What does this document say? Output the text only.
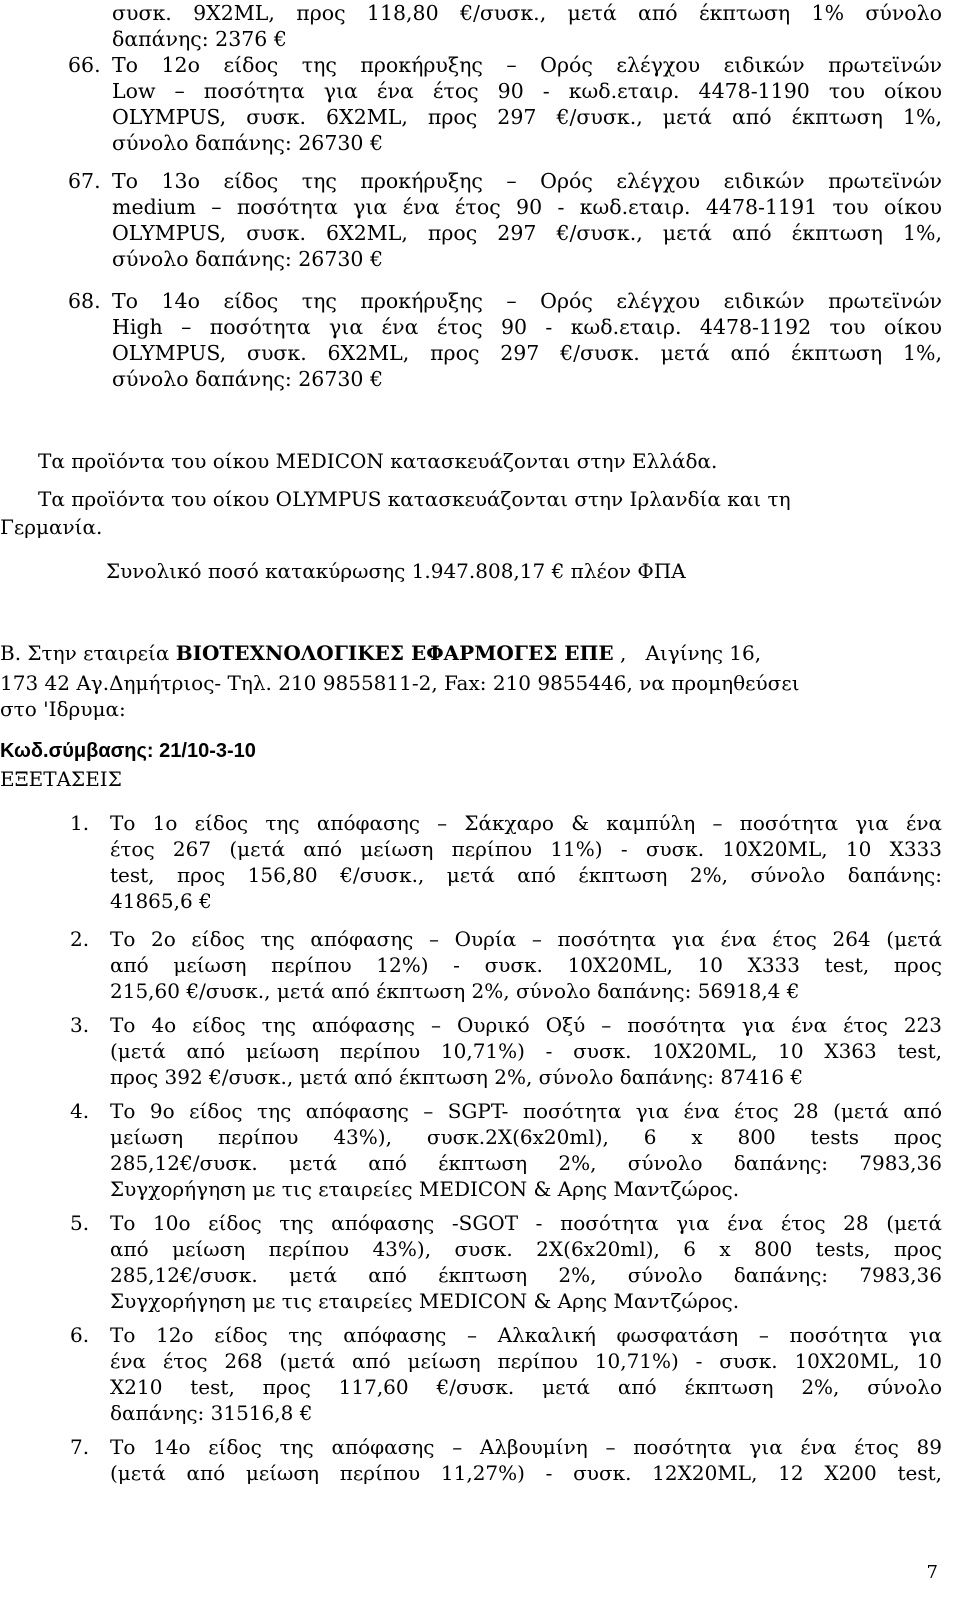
συσκ. 9Χ2ML, προς 118,80 €/συσκ., μετά από έκπτωση 1% σύνολο
δαπάνης: 2376 €
66. Το 12ο είδος της προκήρυξης – Ορός ελέγχου ειδικών πρωτεϊνών
Low – ποσότητα για ένα έτος 90 - κωδ.εταιρ. 4478-1190 του οίκου
OLYMPUS, συσκ. 6Χ2ML, προς 297 €/συσκ., μετά από έκπτωση 1%,
σύνολο δαπάνης: 26730 €
67. Το 13ο είδος της προκήρυξης – Ορός ελέγχου ειδικών πρωτεϊνών
medium – ποσότητα για ένα έτος 90 - κωδ.εταιρ. 4478-1191 του οίκου
OLYMPUS, συσκ. 6Χ2ML, προς 297 €/συσκ., μετά από έκπτωση 1%,
σύνολο δαπάνης: 26730 €
68. Το 14ο είδος της προκήρυξης – Ορός ελέγχου ειδικών πρωτεϊνών
High – ποσότητα για ένα έτος 90 - κωδ.εταιρ. 4478-1192 του οίκου
OLYMPUS, συσκ. 6Χ2ML, προς 297 €/συσκ. μετά από έκπτωση 1%,
σύνολο δαπάνης: 26730 €
Τα προϊόντα του οίκου MEDICON κατασκευάζονται στην Ελλάδα.
Τα προϊόντα του οίκου OLYMPUS κατασκευάζονται στην Ιρλανδία και τη
Γερμανία.
Συνολικό ποσό κατακύρωσης 1.947.808,17 € πλέον ΦΠΑ
Β. Στην εταιρεία ΒΙΟΤΕΧΝΟΛΟΓΙΚΕΣ ΕΦΑΡΜΟΓΕΣ ΕΠΕ ,   Αιγίνης 16,
173 42 Αγ.Δημήτριος- Τηλ. 210 9855811-2, Fax: 210 9855446, να προμηθεύσει
στο 'Ιδρυμα:
Κωδ.σύμβασης: 21/10-3-10
ΕΞΕΤΑΣΕΙΣ
1.	Το 1ο είδος της απόφασης – Σάκχαρο & καμπύλη – ποσότητα για ένα
έτος 267 (μετά από μείωση περίπου 11%) - συσκ. 10Χ20ML, 10 Χ333
test, προς 156,80 €/συσκ., μετά από έκπτωση 2%, σύνολο δαπάνης:
41865,6 €
2.	Το 2ο είδος της απόφασης – Ουρία – ποσότητα για ένα έτος 264 (μετά
από μείωση περίπου 12%) - συσκ. 10Χ20ML, 10 Χ333 test, προς
215,60 €/συσκ., μετά από έκπτωση 2%, σύνολο δαπάνης: 56918,4 €
3.	Το 4ο είδος της απόφασης – Ουρικό Οξύ – ποσότητα για ένα έτος 223
(μετά από μείωση περίπου 10,71%) - συσκ. 10Χ20ML, 10 Χ363 test,
προς 392 €/συσκ., μετά από έκπτωση 2%, σύνολο δαπάνης: 87416 €
4.	Το 9ο είδος της απόφασης – SGPT- ποσότητα για ένα έτος 28 (μετά από
μείωση περίπου 43%), συσκ.2Χ(6x20ml), 6 x 800 tests προς
285,12€/συσκ. μετά από έκπτωση 2%, σύνολο δαπάνης: 7983,36
Συγχορήγηση με τις εταιρείες MEDICON & Αρης Μαντζώρος.
5.	Το 10ο είδος της απόφασης -SGOT - ποσότητα για ένα έτος 28 (μετά
από μείωση περίπου 43%), συσκ. 2Χ(6x20ml), 6 x 800 tests, προς
285,12€/συσκ. μετά από έκπτωση 2%, σύνολο δαπάνης: 7983,36
Συγχορήγηση με τις εταιρείες MEDICON & Αρης Μαντζώρος.
6.	Το 12ο είδος της απόφασης – Αλκαλική φωσφατάση – ποσότητα για
ένα έτος 268 (μετά από μείωση περίπου 10,71%) - συσκ. 10Χ20ML, 10
Χ210 test, προς 117,60 €/συσκ. μετά από έκπτωση 2%, σύνολο
δαπάνης: 31516,8 €
7.	Το 14ο είδος της απόφασης – Αλβουμίνη – ποσότητα για ένα έτος 89
(μετά από μείωση περίπου 11,27%) - συσκ. 12Χ20ML, 12 Χ200 test,
7
